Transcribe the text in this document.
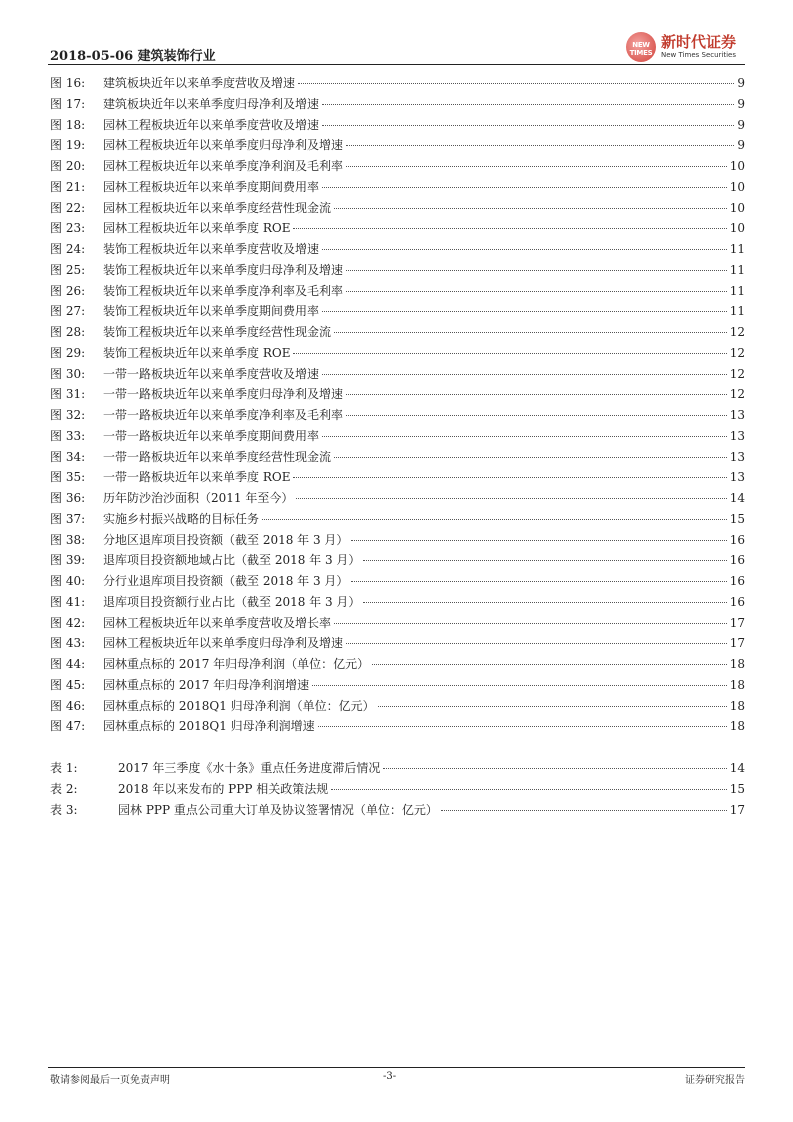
2018-05-06 建筑装饰行业
NEW TIMES
新时代证券
New Times Securities
图 16:	建筑板块近年以来单季度营收及增速	9
图 17:	建筑板块近年以来单季度归母净利及增速	9
图 18:	园林工程板块近年以来单季度营收及增速	9
图 19:	园林工程板块近年以来单季度归母净利及增速	9
图 20:	园林工程板块近年以来单季度净利润及毛利率	10
图 21:	园林工程板块近年以来单季度期间费用率	10
图 22:	园林工程板块近年以来单季度经营性现金流	10
图 23:	园林工程板块近年以来单季度 ROE	10
图 24:	装饰工程板块近年以来单季度营收及增速	11
图 25:	装饰工程板块近年以来单季度归母净利及增速	11
图 26:	装饰工程板块近年以来单季度净利率及毛利率	11
图 27:	装饰工程板块近年以来单季度期间费用率	11
图 28:	装饰工程板块近年以来单季度经营性现金流	12
图 29:	装饰工程板块近年以来单季度 ROE	12
图 30:	一带一路板块近年以来单季度营收及增速	12
图 31:	一带一路板块近年以来单季度归母净利及增速	12
图 32:	一带一路板块近年以来单季度净利率及毛利率	13
图 33:	一带一路板块近年以来单季度期间费用率	13
图 34:	一带一路板块近年以来单季度经营性现金流	13
图 35:	一带一路板块近年以来单季度 ROE	13
图 36:	历年防沙治沙面积（2011 年至今）	14
图 37:	实施乡村振兴战略的目标任务	15
图 38:	分地区退库项目投资额（截至 2018 年 3 月）	16
图 39:	退库项目投资额地域占比（截至 2018 年 3 月）	16
图 40:	分行业退库项目投资额（截至 2018 年 3 月）	16
图 41:	退库项目投资额行业占比（截至 2018 年 3 月）	16
图 42:	园林工程板块近年以来单季度营收及增长率	17
图 43:	园林工程板块近年以来单季度归母净利及增速	17
图 44:	园林重点标的 2017 年归母净利润（单位：亿元）	18
图 45:	园林重点标的 2017 年归母净利润增速	18
图 46:	园林重点标的 2018Q1 归母净利润（单位：亿元）	18
图 47:	园林重点标的 2018Q1 归母净利润增速	18
表 1:	2017 年三季度《水十条》重点任务进度滞后情况	14
表 2:	2018 年以来发布的 PPP 相关政策法规	15
表 3:	园林 PPP 重点公司重大订单及协议签署情况（单位：亿元）	17
敬请参阅最后一页免责声明	-3-	证券研究报告
